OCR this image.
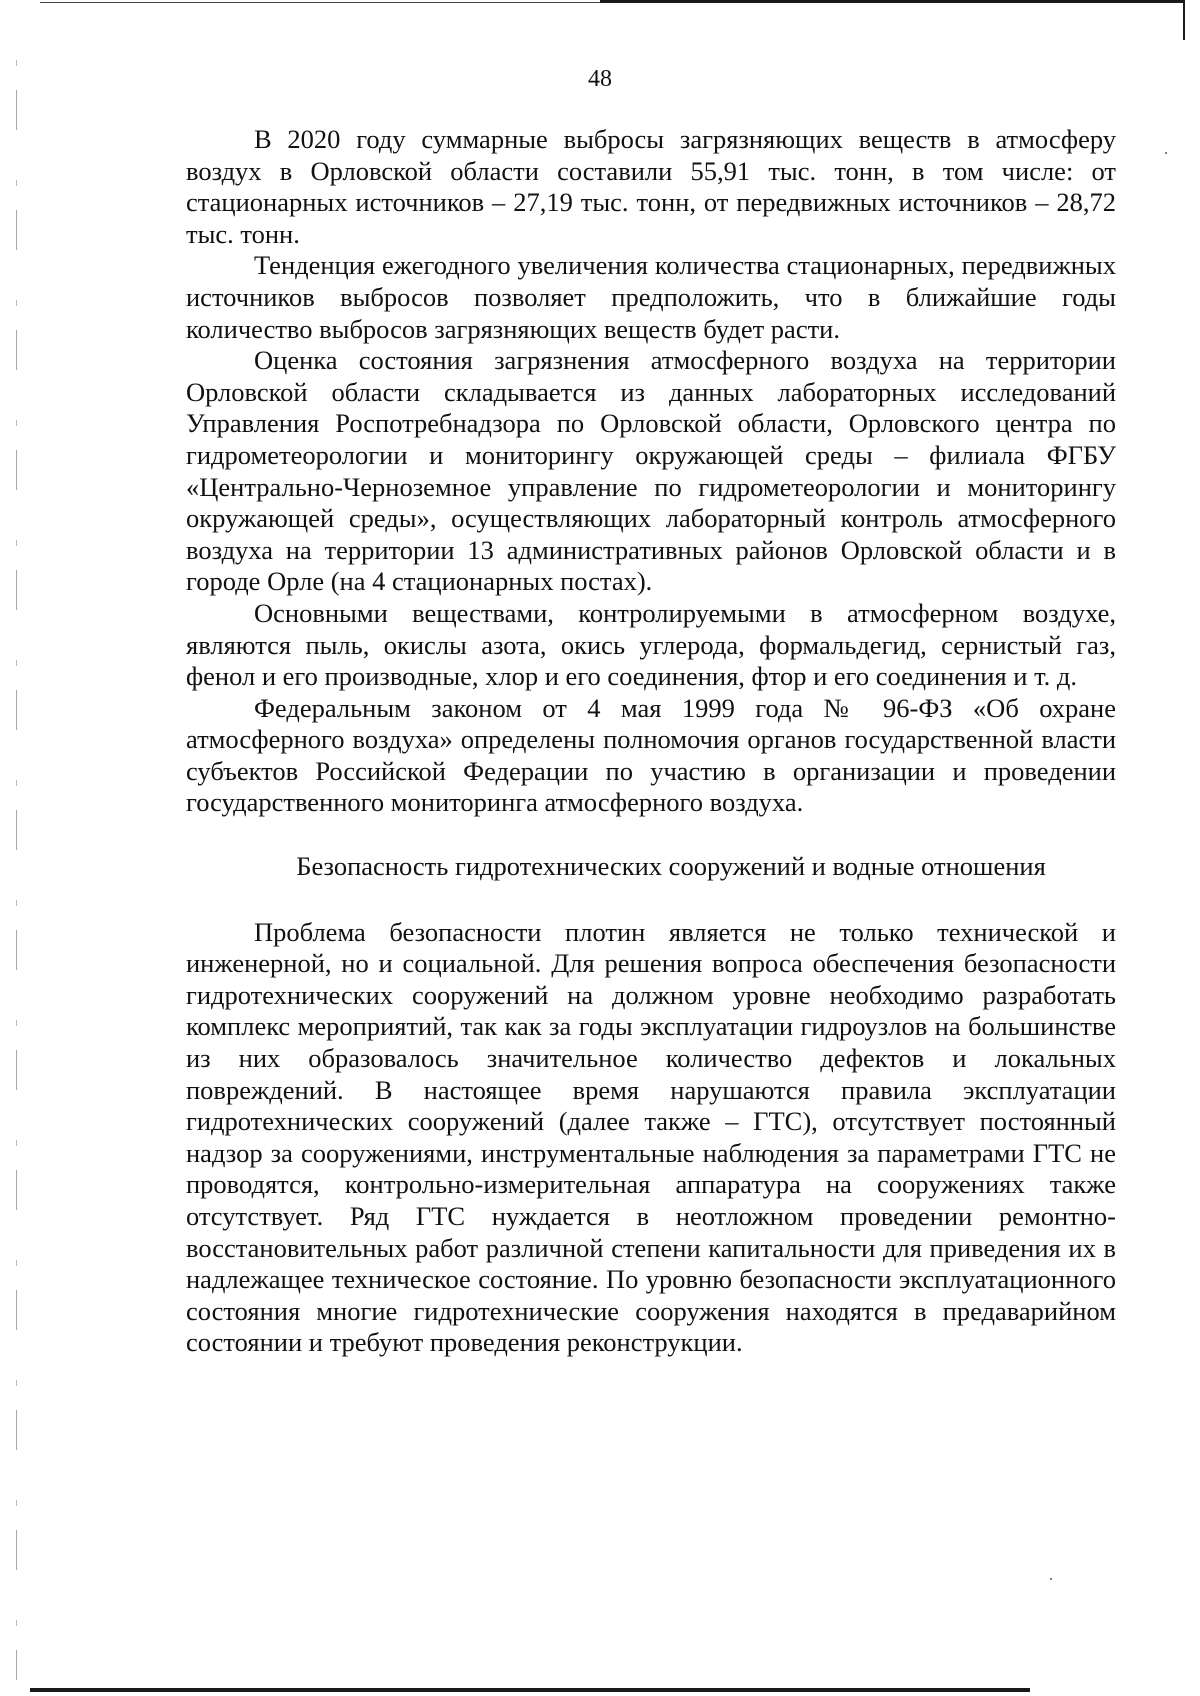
48

В 2020 году суммарные выбросы загрязняющих веществ в атмосферу воздух в Орловской области составили 55,91 тыс. тонн, в том числе: от стационарных источников – 27,19 тыс. тонн, от передвижных источников – 28,72 тыс. тонн.

Тенденция ежегодного увеличения количества стационарных, передвижных источников выбросов позволяет предположить, что в ближайшие годы количество выбросов загрязняющих веществ будет расти.

Оценка состояния загрязнения атмосферного воздуха на территории Орловской области складывается из данных лабораторных исследований Управления Роспотребнадзора по Орловской области, Орловского центра по гидрометеорологии и мониторингу окружающей среды – филиала ФГБУ «Центрально-Черноземное управление по гидрометеорологии и мониторингу окружающей среды», осуществляющих лабораторный контроль атмосферного воздуха на территории 13 административных районов Орловской области и в городе Орле (на 4 стационарных постах).

Основными веществами, контролируемыми в атмосферном воздухе, являются пыль, окислы азота, окись углерода, формальдегид, сернистый газ, фенол и его производные, хлор и его соединения, фтор и его соединения и т. д.

Федеральным законом от 4 мая 1999 года № 96-ФЗ «Об охране атмосферного воздуха» определены полномочия органов государственной власти субъектов Российской Федерации по участию в организации и проведении государственного мониторинга атмосферного воздуха.

Безопасность гидротехнических сооружений и водные отношения

Проблема безопасности плотин является не только технической и инженерной, но и социальной. Для решения вопроса обеспечения безопасности гидротехнических сооружений на должном уровне необходимо разработать комплекс мероприятий, так как за годы эксплуатации гидроузлов на большинстве из них образовалось значительное количество дефектов и локальных повреждений. В настоящее время нарушаются правила эксплуатации гидротехнических сооружений (далее также – ГТС), отсутствует постоянный надзор за сооружениями, инструментальные наблюдения за параметрами ГТС не проводятся, контрольно-измерительная аппаратура на сооружениях также отсутствует. Ряд ГТС нуждается в неотложном проведении ремонтно-восстановительных работ различной степени капитальности для приведения их в надлежащее техническое состояние. По уровню безопасности эксплуатационного состояния многие гидротехнические сооружения находятся в предаварийном состоянии и требуют проведения реконструкции.
